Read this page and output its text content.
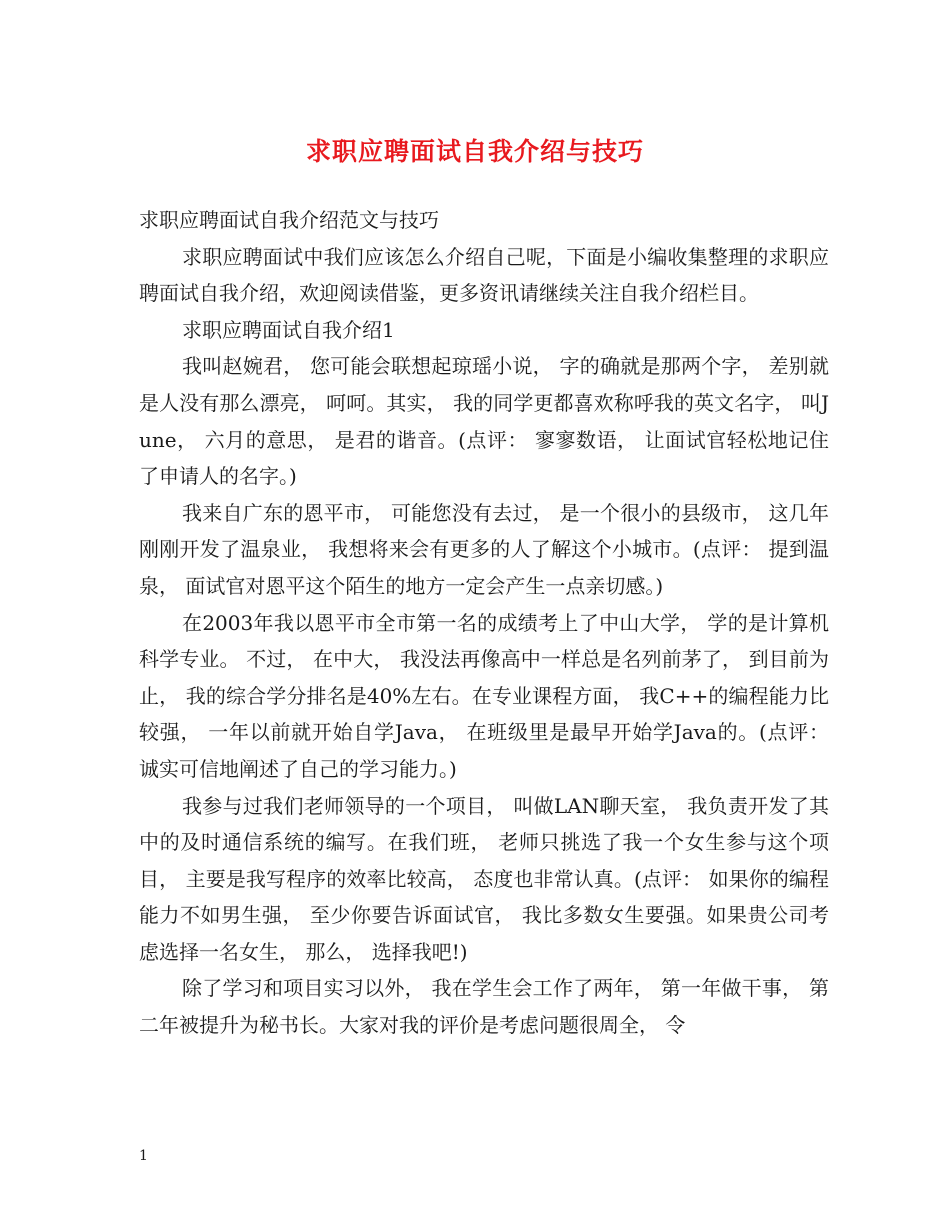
求职应聘面试自我介绍与技巧

求职应聘面试自我介绍范文与技巧

求职应聘面试中我们应该怎么介绍自己呢，下面是小编收集整理的求职应聘面试自我介绍，欢迎阅读借鉴，更多资讯请继续关注自我介绍栏目。

求职应聘面试自我介绍1

我叫赵婉君， 您可能会联想起琼瑶小说， 字的确就是那两个字， 差别就是人没有那么漂亮， 呵呵。其实， 我的同学更都喜欢称呼我的英文名字， 叫June， 六月的意思， 是君的谐音。(点评： 寥寥数语， 让面试官轻松地记住了申请人的名字。)

我来自广东的恩平市， 可能您没有去过， 是一个很小的县级市， 这几年刚刚开发了温泉业， 我想将来会有更多的人了解这个小城市。(点评： 提到温泉， 面试官对恩平这个陌生的地方一定会产生一点亲切感。)

在2003年我以恩平市全市第一名的成绩考上了中山大学， 学的是计算机科学专业。 不过， 在中大， 我没法再像高中一样总是名列前茅了， 到目前为止， 我的综合学分排名是40%左右。在专业课程方面， 我C++的编程能力比较强， 一年以前就开始自学Java， 在班级里是最早开始学Java的。(点评： 诚实可信地阐述了自己的学习能力。)

我参与过我们老师领导的一个项目， 叫做LAN聊天室， 我负责开发了其中的及时通信系统的编写。在我们班， 老师只挑选了我一个女生参与这个项目， 主要是我写程序的效率比较高， 态度也非常认真。(点评： 如果你的编程能力不如男生强， 至少你要告诉面试官， 我比多数女生要强。如果贵公司考虑选择一名女生， 那么， 选择我吧!)

除了学习和项目实习以外， 我在学生会工作了两年， 第一年做干事， 第二年被提升为秘书长。大家对我的评价是考虑问题很周全， 令

1
